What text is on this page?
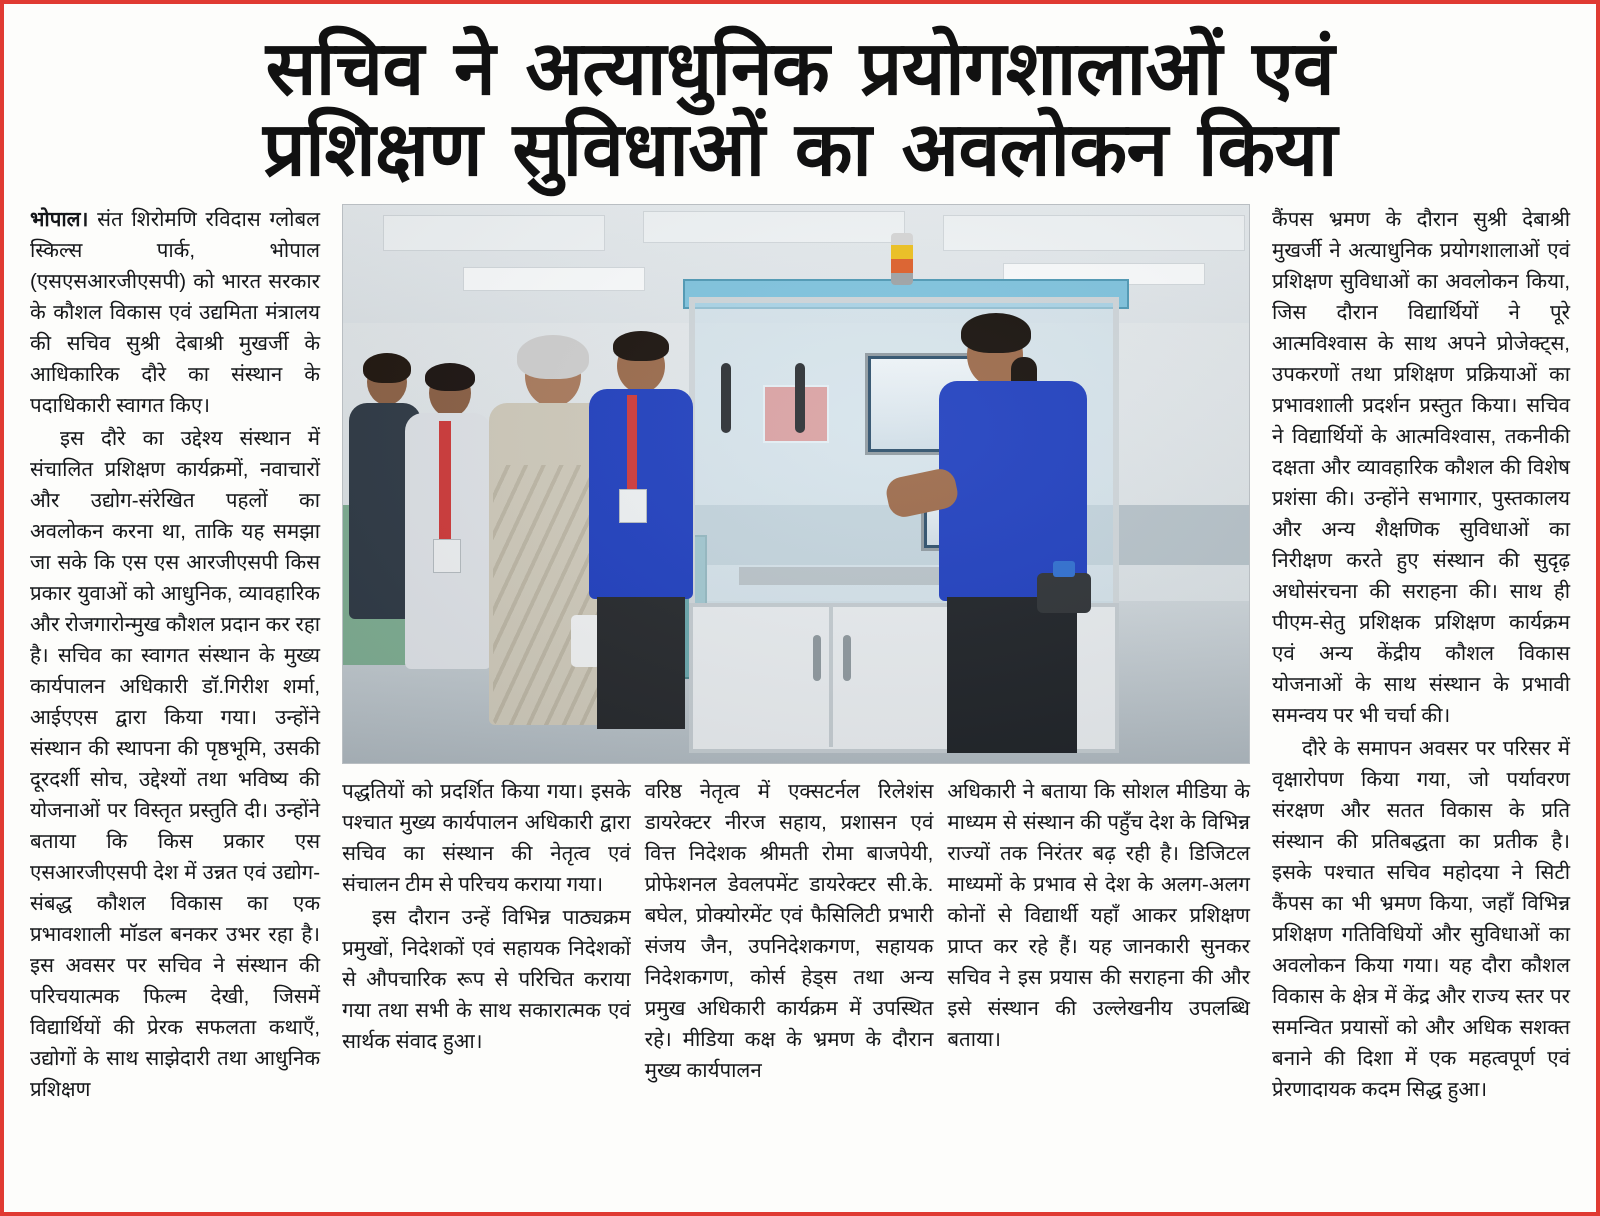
सचिव ने अत्याधुनिक प्रयोगशालाओं एवं
प्रशिक्षण सुविधाओं का अवलोकन किया

भोपाल। संत शिरोमणि रविदास ग्लोबल स्किल्स पार्क, भोपाल (एसएसआरजीएसपी) को भारत सरकार के कौशल विकास एवं उद्यमिता मंत्रालय की सचिव सुश्री देबाश्री मुखर्जी के आधिकारिक दौरे का संस्थान के पदाधिकारी स्वागत किए।

इस दौरे का उद्देश्य संस्थान में संचालित प्रशिक्षण कार्यक्रमों, नवाचारों और उद्योग-संरेखित पहलों का अवलोकन करना था, ताकि यह समझा जा सके कि एस एस आरजीएसपी किस प्रकार युवाओं को आधुनिक, व्यावहारिक और रोजगारोन्मुख कौशल प्रदान कर रहा है। सचिव का स्वागत संस्थान के मुख्य कार्यपालन अधिकारी डॉ.गिरीश शर्मा, आईएएस द्वारा किया गया। उन्होंने संस्थान की स्थापना की पृष्ठभूमि, उसकी दूरदर्शी सोच, उद्देश्यों तथा भविष्य की योजनाओं पर विस्तृत प्रस्तुति दी। उन्होंने बताया कि किस प्रकार एस एसआरजीएसपी देश में उन्नत एवं उद्योग-संबद्ध कौशल विकास का एक प्रभावशाली मॉडल बनकर उभर रहा है। इस अवसर पर सचिव ने संस्थान की परिचयात्मक फिल्म देखी, जिसमें विद्यार्थियों की प्रेरक सफलता कथाएँ, उद्योगों के साथ साझेदारी तथा आधुनिक प्रशिक्षण

पद्धतियों को प्रदर्शित किया गया। इसके पश्चात मुख्य कार्यपालन अधिकारी द्वारा सचिव का संस्थान की नेतृत्व एवं संचालन टीम से परिचय कराया गया।

इस दौरान उन्हें विभिन्न पाठ्यक्रम प्रमुखों, निदेशकों एवं सहायक निदेशकों से औपचारिक रूप से परिचित कराया गया तथा सभी के साथ सकारात्मक एवं सार्थक संवाद हुआ।

वरिष्ठ नेतृत्व में एक्सटर्नल रिलेशंस डायरेक्टर नीरज सहाय, प्रशासन एवं वित्त निदेशक श्रीमती रोमा बाजपेयी, प्रोफेशनल डेवलपमेंट डायरेक्टर सी.के. बघेल, प्रोक्योरमेंट एवं फैसिलिटी प्रभारी संजय जैन, उपनिदेशकगण, सहायक निदेशकगण, कोर्स हेड्स तथा अन्य प्रमुख अधिकारी कार्यक्रम में उपस्थित रहे। मीडिया कक्ष के भ्रमण के दौरान मुख्य कार्यपालन

अधिकारी ने बताया कि सोशल मीडिया के माध्यम से संस्थान की पहुँच देश के विभिन्न राज्यों तक निरंतर बढ़ रही है। डिजिटल माध्यमों के प्रभाव से देश के अलग-अलग कोनों से विद्यार्थी यहाँ आकर प्रशिक्षण प्राप्त कर रहे हैं। यह जानकारी सुनकर सचिव ने इस प्रयास की सराहना की और इसे संस्थान की उल्लेखनीय उपलब्धि बताया।

कैंपस भ्रमण के दौरान सुश्री देबाश्री मुखर्जी ने अत्याधुनिक प्रयोगशालाओं एवं प्रशिक्षण सुविधाओं का अवलोकन किया, जिस दौरान विद्यार्थियों ने पूरे आत्मविश्वास के साथ अपने प्रोजेक्ट्स, उपकरणों तथा प्रशिक्षण प्रक्रियाओं का प्रभावशाली प्रदर्शन प्रस्तुत किया। सचिव ने विद्यार्थियों के आत्मविश्वास, तकनीकी दक्षता और व्यावहारिक कौशल की विशेष प्रशंसा की। उन्होंने सभागार, पुस्तकालय और अन्य शैक्षणिक सुविधाओं का निरीक्षण करते हुए संस्थान की सुदृढ़ अधोसंरचना की सराहना की। साथ ही पीएम-सेतु प्रशिक्षक प्रशिक्षण कार्यक्रम एवं अन्य केंद्रीय कौशल विकास योजनाओं के साथ संस्थान के प्रभावी समन्वय पर भी चर्चा की।

दौरे के समापन अवसर पर परिसर में वृक्षारोपण किया गया, जो पर्यावरण संरक्षण और सतत विकास के प्रति संस्थान की प्रतिबद्धता का प्रतीक है। इसके पश्चात सचिव महोदया ने सिटी कैंपस का भी भ्रमण किया, जहाँ विभिन्न प्रशिक्षण गतिविधियों और सुविधाओं का अवलोकन किया गया। यह दौरा कौशल विकास के क्षेत्र में केंद्र और राज्य स्तर पर समन्वित प्रयासों को और अधिक सशक्त बनाने की दिशा में एक महत्वपूर्ण एवं प्रेरणादायक कदम सिद्ध हुआ।
